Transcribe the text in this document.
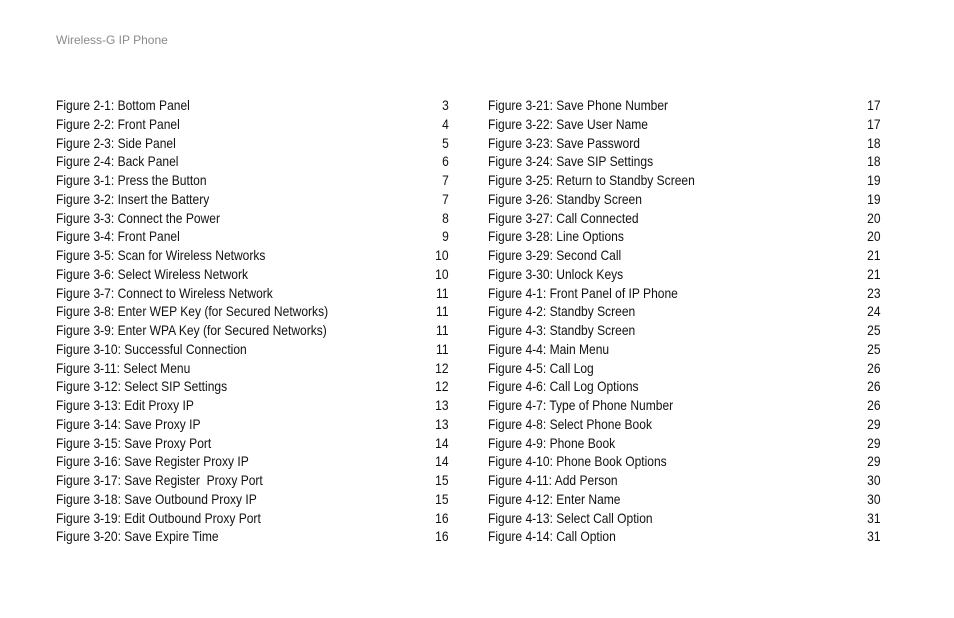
Wireless-G IP Phone
Figure 2-1: Bottom Panel	3
Figure 2-2: Front Panel	4
Figure 2-3: Side Panel	5
Figure 2-4: Back Panel	6
Figure 3-1: Press the Button	7
Figure 3-2: Insert the Battery	7
Figure 3-3: Connect the Power	8
Figure 3-4: Front Panel	9
Figure 3-5: Scan for Wireless Networks	10
Figure 3-6: Select Wireless Network	10
Figure 3-7: Connect to Wireless Network	11
Figure 3-8: Enter WEP Key (for Secured Networks)	11
Figure 3-9: Enter WPA Key (for Secured Networks)	11
Figure 3-10: Successful Connection	11
Figure 3-11: Select Menu	12
Figure 3-12: Select SIP Settings	12
Figure 3-13: Edit Proxy IP	13
Figure 3-14: Save Proxy IP	13
Figure 3-15: Save Proxy Port	14
Figure 3-16: Save Register Proxy IP	14
Figure 3-17: Save Register  Proxy Port	15
Figure 3-18: Save Outbound Proxy IP	15
Figure 3-19: Edit Outbound Proxy Port	16
Figure 3-20: Save Expire Time	16
Figure 3-21: Save Phone Number	17
Figure 3-22: Save User Name	17
Figure 3-23: Save Password	18
Figure 3-24: Save SIP Settings	18
Figure 3-25: Return to Standby Screen	19
Figure 3-26: Standby Screen	19
Figure 3-27: Call Connected	20
Figure 3-28: Line Options	20
Figure 3-29: Second Call	21
Figure 3-30: Unlock Keys	21
Figure 4-1: Front Panel of IP Phone	23
Figure 4-2: Standby Screen	24
Figure 4-3: Standby Screen	25
Figure 4-4: Main Menu	25
Figure 4-5: Call Log	26
Figure 4-6: Call Log Options	26
Figure 4-7: Type of Phone Number	26
Figure 4-8: Select Phone Book	29
Figure 4-9: Phone Book	29
Figure 4-10: Phone Book Options	29
Figure 4-11: Add Person	30
Figure 4-12: Enter Name	30
Figure 4-13: Select Call Option	31
Figure 4-14: Call Option	31
